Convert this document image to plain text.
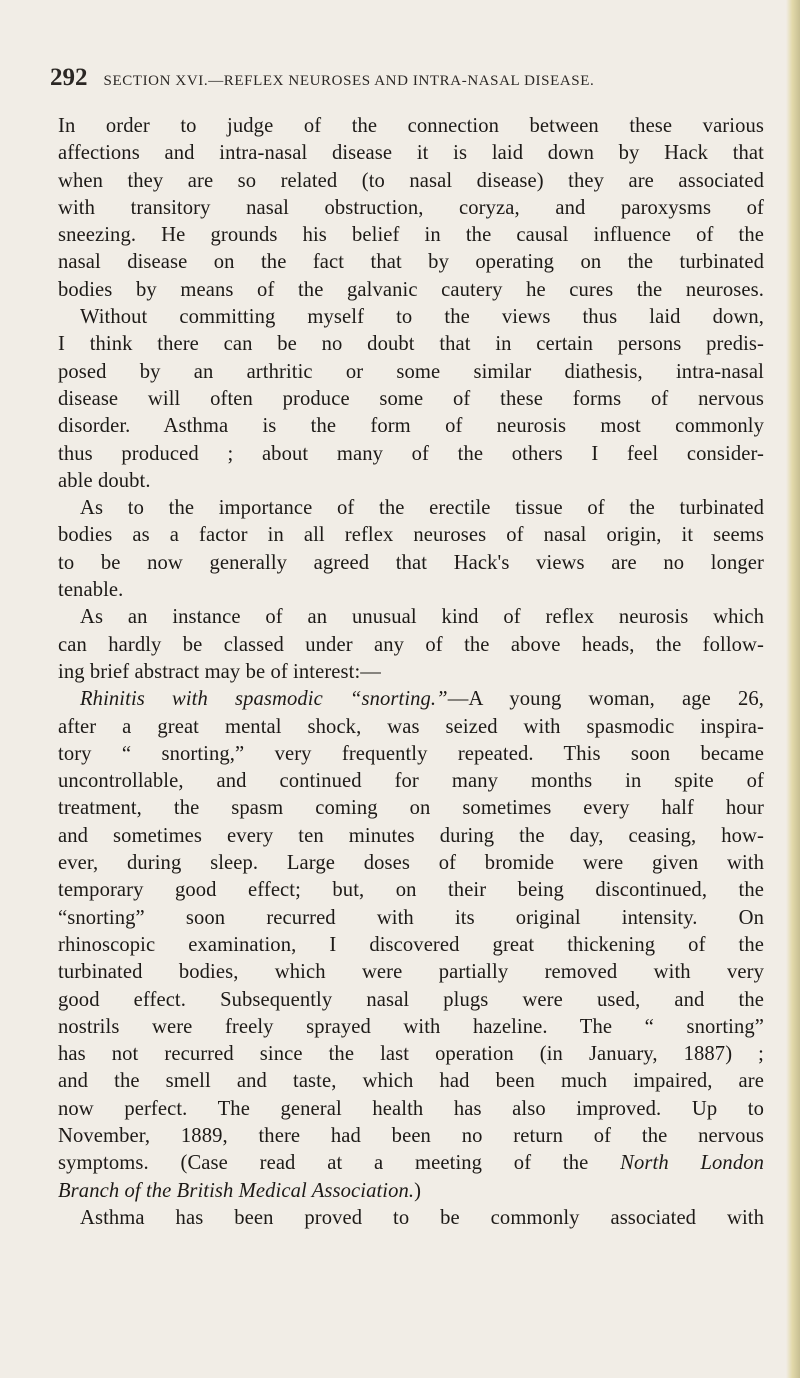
292 SECTION XVI.—REFLEX NEUROSES AND INTRA-NASAL DISEASE.
In order to judge of the connection between these various
affections and intra-nasal disease it is laid down by Hack that
when they are so related (to nasal disease) they are associated
with transitory nasal obstruction, coryza, and paroxysms of
sneezing. He grounds his belief in the causal influence of the
nasal disease on the fact that by operating on the turbinated
bodies by means of the galvanic cautery he cures the neuroses.
Without committing myself to the views thus laid down,
I think there can be no doubt that in certain persons predis-
posed by an arthritic or some similar diathesis, intra-nasal
disease will often produce some of these forms of nervous
disorder. Asthma is the form of neurosis most commonly
thus produced ; about many of the others I feel consider-
able doubt.
As to the importance of the erectile tissue of the turbinated
bodies as a factor in all reflex neuroses of nasal origin, it seems
to be now generally agreed that Hack's views are no longer
tenable.
As an instance of an unusual kind of reflex neurosis which
can hardly be classed under any of the above heads, the follow-
ing brief abstract may be of interest:—
Rhinitis with spasmodic “snorting.”—A young woman, age 26,
after a great mental shock, was seized with spasmodic inspira-
tory “ snorting,” very frequently repeated. This soon became
uncontrollable, and continued for many months in spite of
treatment, the spasm coming on sometimes every half hour
and sometimes every ten minutes during the day, ceasing, how-
ever, during sleep. Large doses of bromide were given with
temporary good effect; but, on their being discontinued, the
“snorting” soon recurred with its original intensity. On
rhinoscopic examination, I discovered great thickening of the
turbinated bodies, which were partially removed with very
good effect. Subsequently nasal plugs were used, and the
nostrils were freely sprayed with hazeline. The “ snorting”
has not recurred since the last operation (in January, 1887) ;
and the smell and taste, which had been much impaired, are
now perfect. The general health has also improved. Up to
November, 1889, there had been no return of the nervous
symptoms. (Case read at a meeting of the North London
Branch of the British Medical Association.)
Asthma has been proved to be commonly associated with
